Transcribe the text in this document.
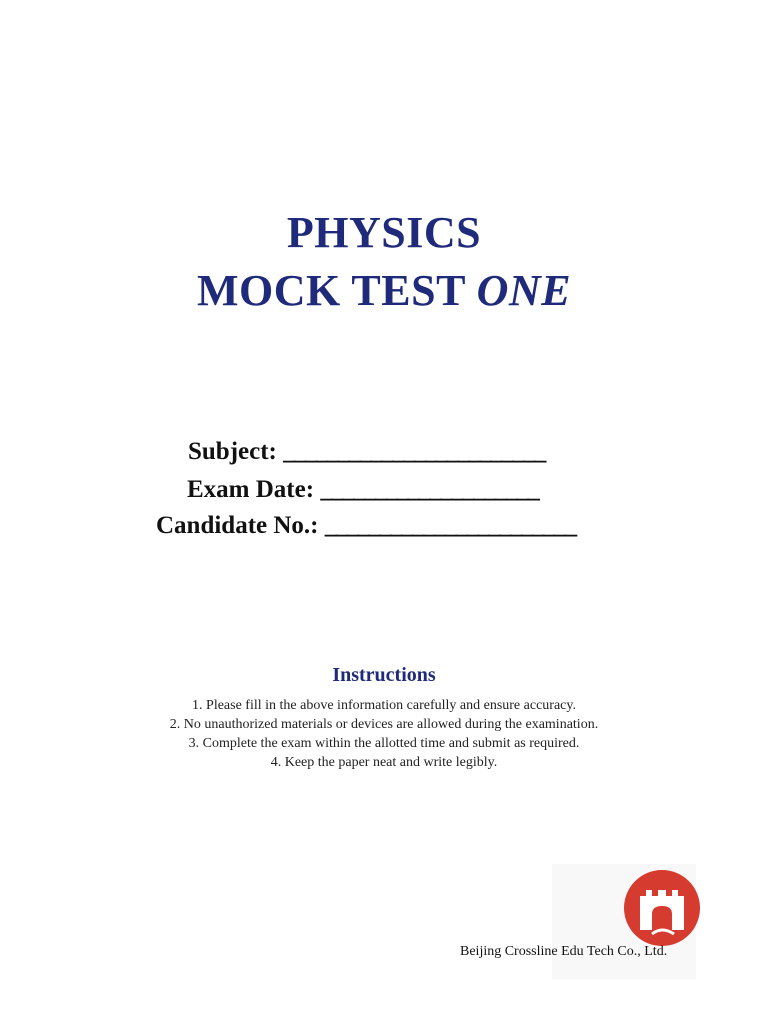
PHYSICS
MOCK TEST ONE
Subject: ________________________
Exam Date: ____________________
Candidate No.: _______________________
Instructions
1. Please fill in the above information carefully and ensure accuracy.
2. No unauthorized materials or devices are allowed during the examination.
3. Complete the exam within the allotted time and submit as required.
4. Keep the paper neat and write legibly.
Beijing Crossline Edu Tech Co., Ltd.
